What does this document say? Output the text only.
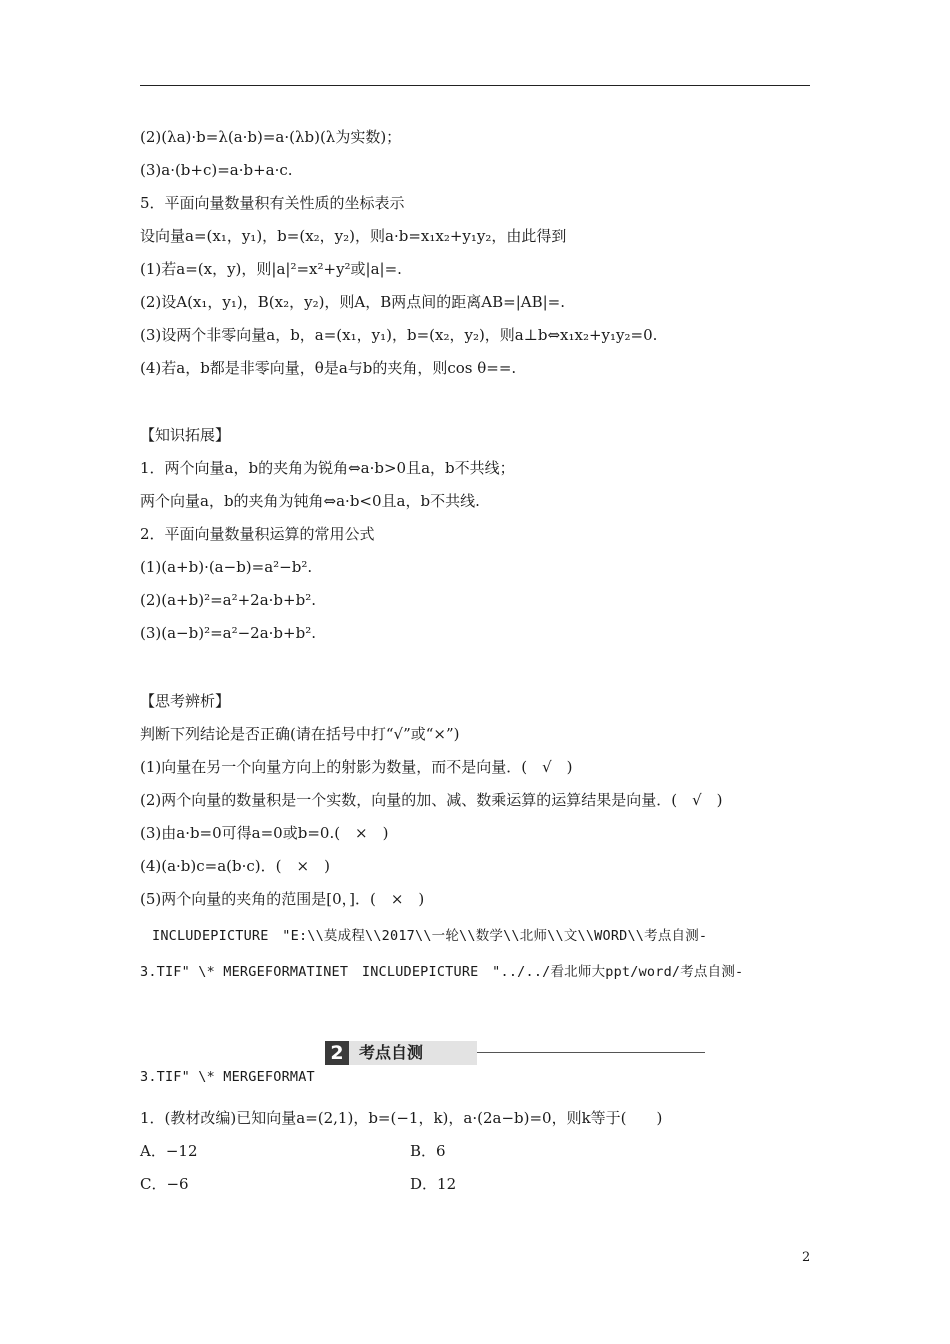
(2)(λa)·b=λ(a·b)=a·(λb)(λ为实数)；
(3)a·(b+c)=a·b+a·c.
5．平面向量数量积有关性质的坐标表示
设向量a=(x₁，y₁)，b=(x₂，y₂)，则a·b=x₁x₂+y₁y₂，由此得到
(1)若a=(x，y)，则|a|²=x²+y²或|a|=.
(2)设A(x₁，y₁)，B(x₂，y₂)，则A，B两点间的距离AB=|AB|=.
(3)设两个非零向量a，b，a=(x₁，y₁)，b=(x₂，y₂)，则a⊥b⇔x₁x₂+y₁y₂=0.
(4)若a，b都是非零向量，θ是a与b的夹角，则cos θ==.
【知识拓展】
1．两个向量a，b的夹角为锐角⇔a·b>0且a，b不共线；
两个向量a，b的夹角为钝角⇔a·b<0且a，b不共线.
2．平面向量数量积运算的常用公式
(1)(a+b)·(a−b)=a²−b².
(2)(a+b)²=a²+2a·b+b².
(3)(a−b)²=a²−2a·b+b².
【思考辨析】
判断下列结论是否正确(请在括号中打“√”或“×”)
(1)向量在另一个向量方向上的射影为数量，而不是向量．(　√　)
(2)两个向量的数量积是一个实数，向量的加、减、数乘运算的运算结果是向量．(　√　)
(3)由a·b=0可得a=0或b=0.(　×　)
(4)(a·b)c=a(b·c)．(　×　)
(5)两个向量的夹角的范围是[0，]．(　×　)
INCLUDEPICTURE　"E:\\莫成程\\2017\\一轮\\数学\\北师\\文\\WORD\\考点自测-
3.TIF" \* MERGEFORMATINET　INCLUDEPICTURE　"../../看北师大ppt/word/考点自测-
2 考点自测
3.TIF" \* MERGEFORMAT
1．(教材改编)已知向量a=(2,1)，b=(−1，k)，a·(2a−b)=0，则k等于(　　)
A．−12	B．6
C．−6	D．12
2
